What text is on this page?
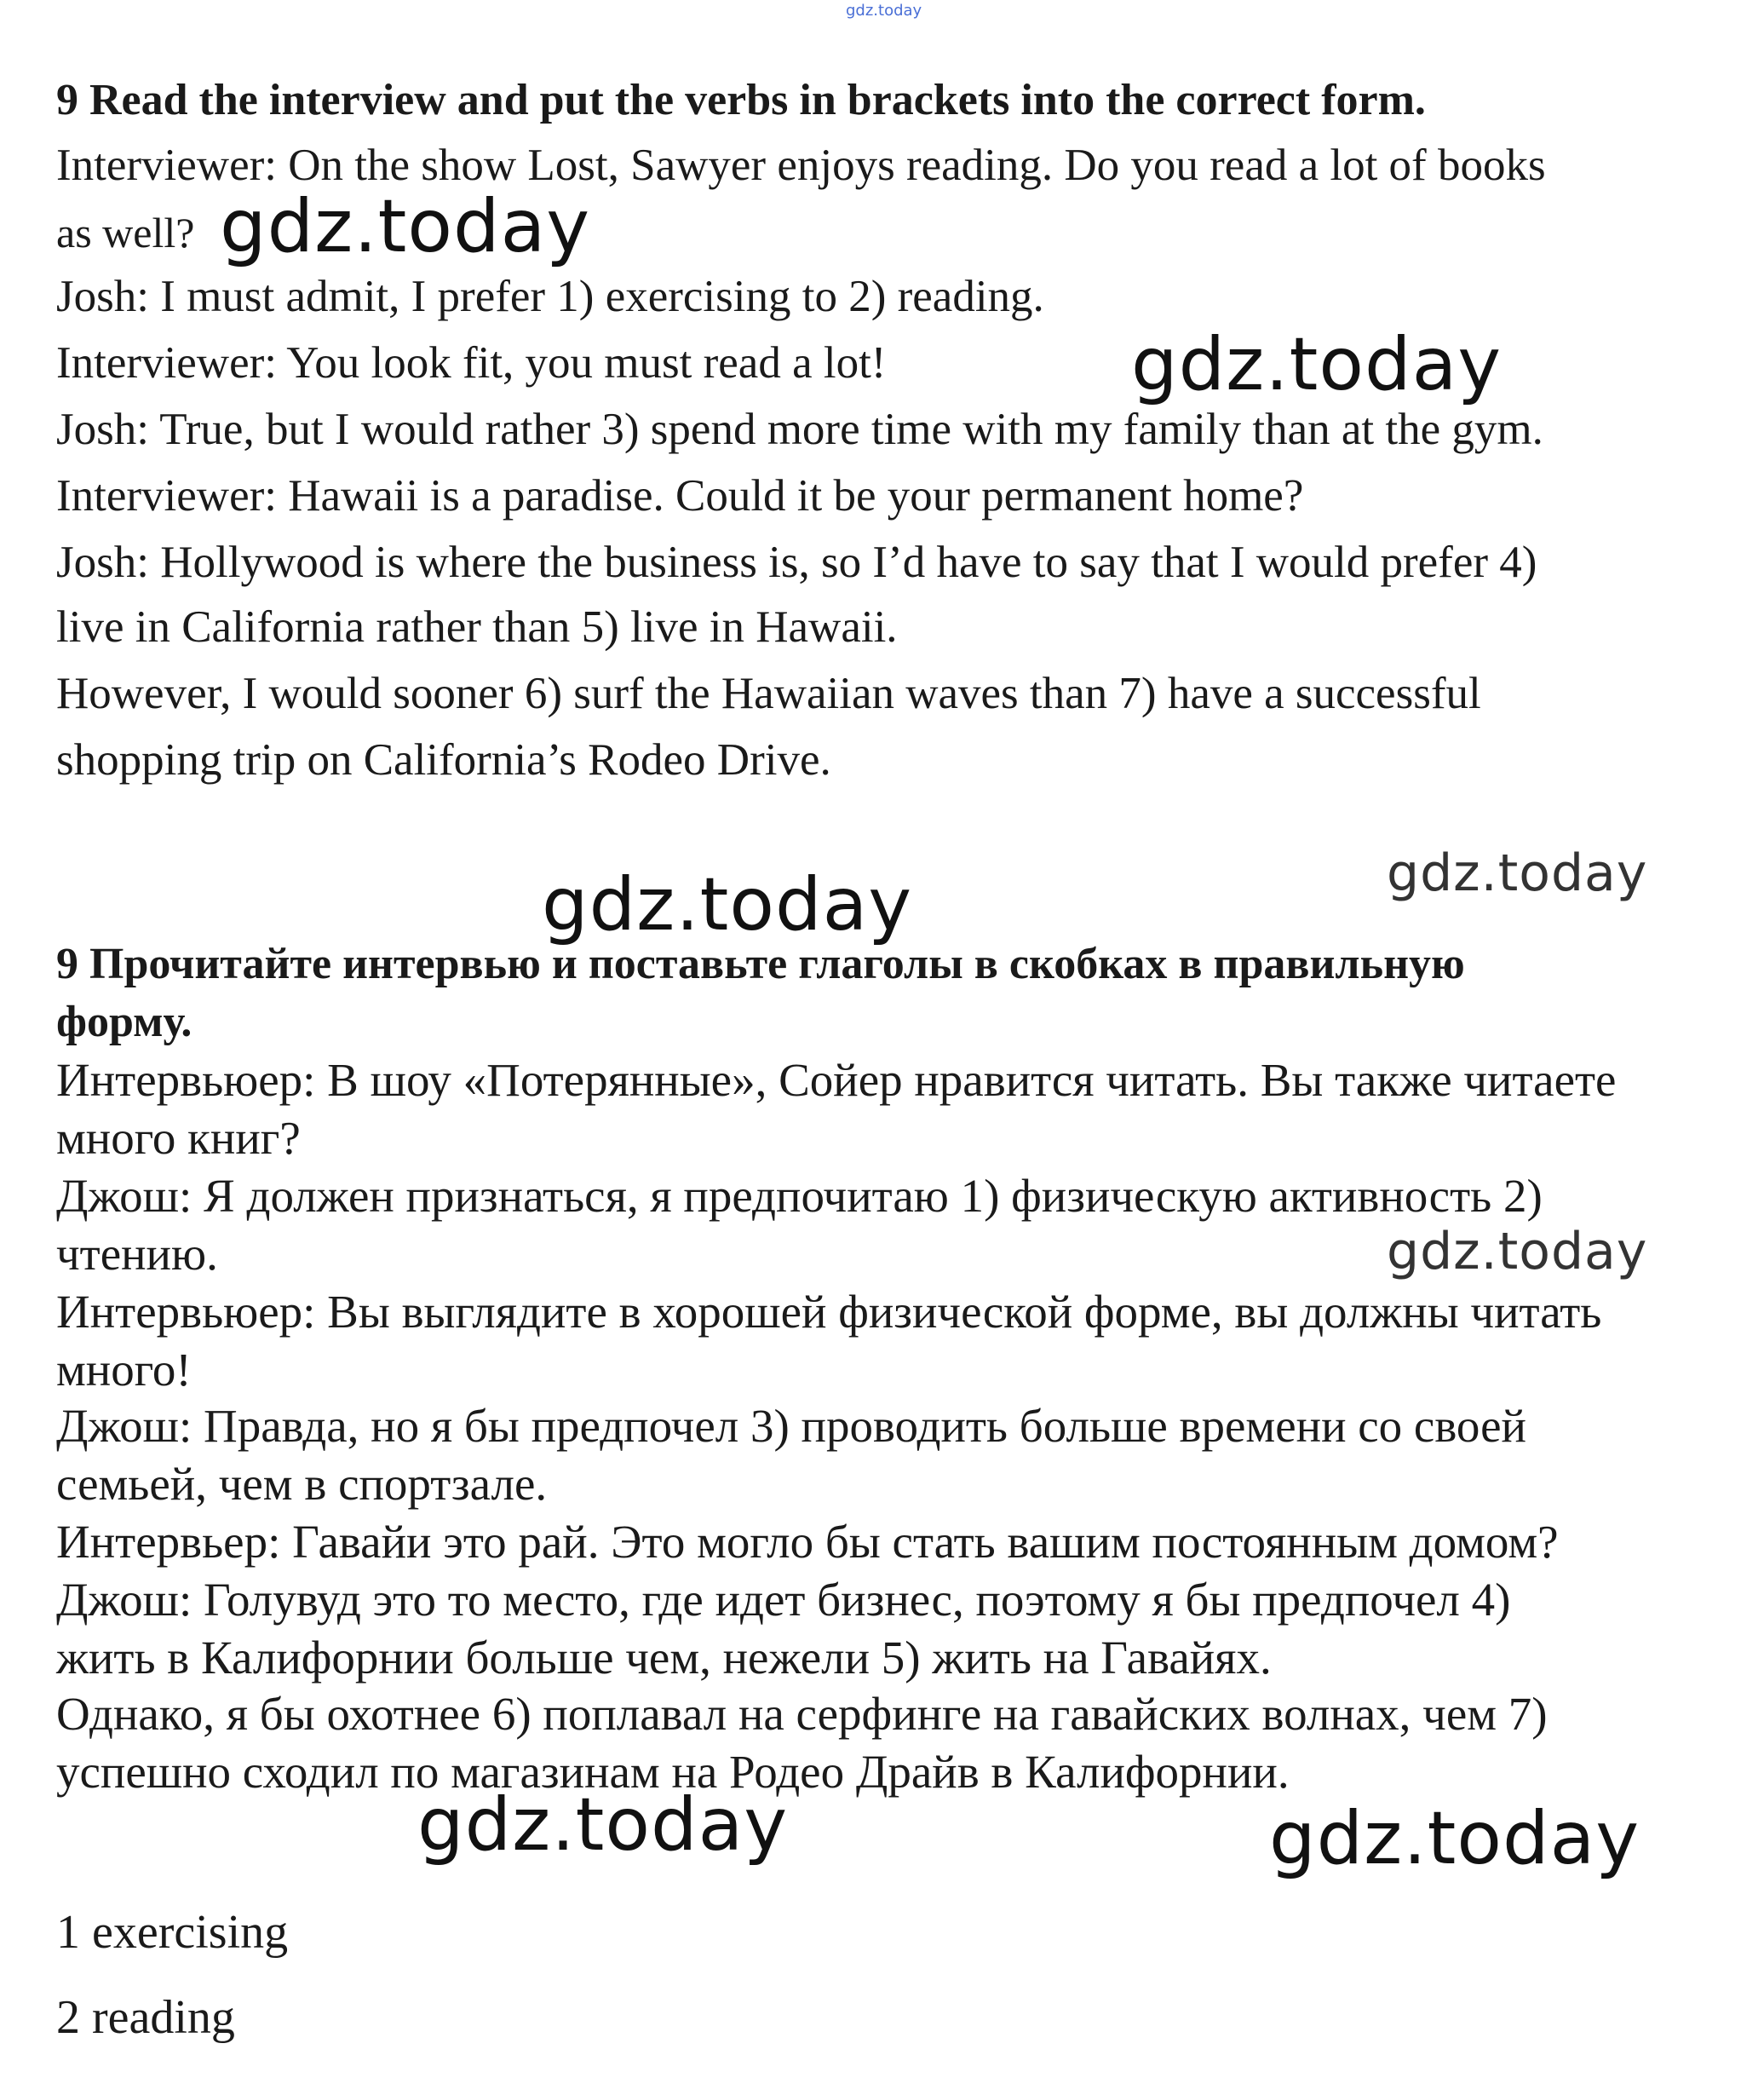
gdz.today
9 Read the interview and put the verbs in brackets into the correct form.
Interviewer: On the show Lost, Sawyer enjoys reading. Do you read a lot of books
as well?
Josh: I must admit, I prefer 1) exercising to 2) reading.
Interviewer: You look fit, you must read a lot!
Josh: True, but I would rather 3) spend more time with my family than at the gym.
Interviewer: Hawaii is a paradise. Could it be your permanent home?
Josh: Hollywood is where the business is, so I’d have to say that I would prefer 4)
live in California rather than 5) live in Hawaii.
However, I would sooner 6) surf the Hawaiian waves than 7) have a successful
shopping trip on California’s Rodeo Drive.
gdz.today
gdz.today
gdz.today
gdz.today
gdz.today
gdz.today	gdz.today
9 Прочитайте интервью и поставьте глаголы в скобках в правильную
форму.
Интервьюер: В шоу «Потерянные», Сойер нравится читать. Вы также читаете
много книг?
Джош: Я должен признаться, я предпочитаю 1) физическую активность 2)
чтению.
Интервьюер: Вы выглядите в хорошей физической форме, вы должны читать
много!
Джош: Правда, но я бы предпочел 3) проводить больше времени со своей
семьей, чем в спортзале.
Интервьер: Гавайи это рай. Это могло бы стать вашим постоянным домом?
Джош: Голувуд это то место, где идет бизнес, поэтому я бы предпочел 4)
жить в Калифорнии больше чем, нежели 5) жить на Гавайях.
Однако, я бы охотнее 6) поплавал на серфинге на гавайских волнах, чем 7)
успешно сходил по магазинам на Родео Драйв в Калифорнии.
1 exercising
2 reading
